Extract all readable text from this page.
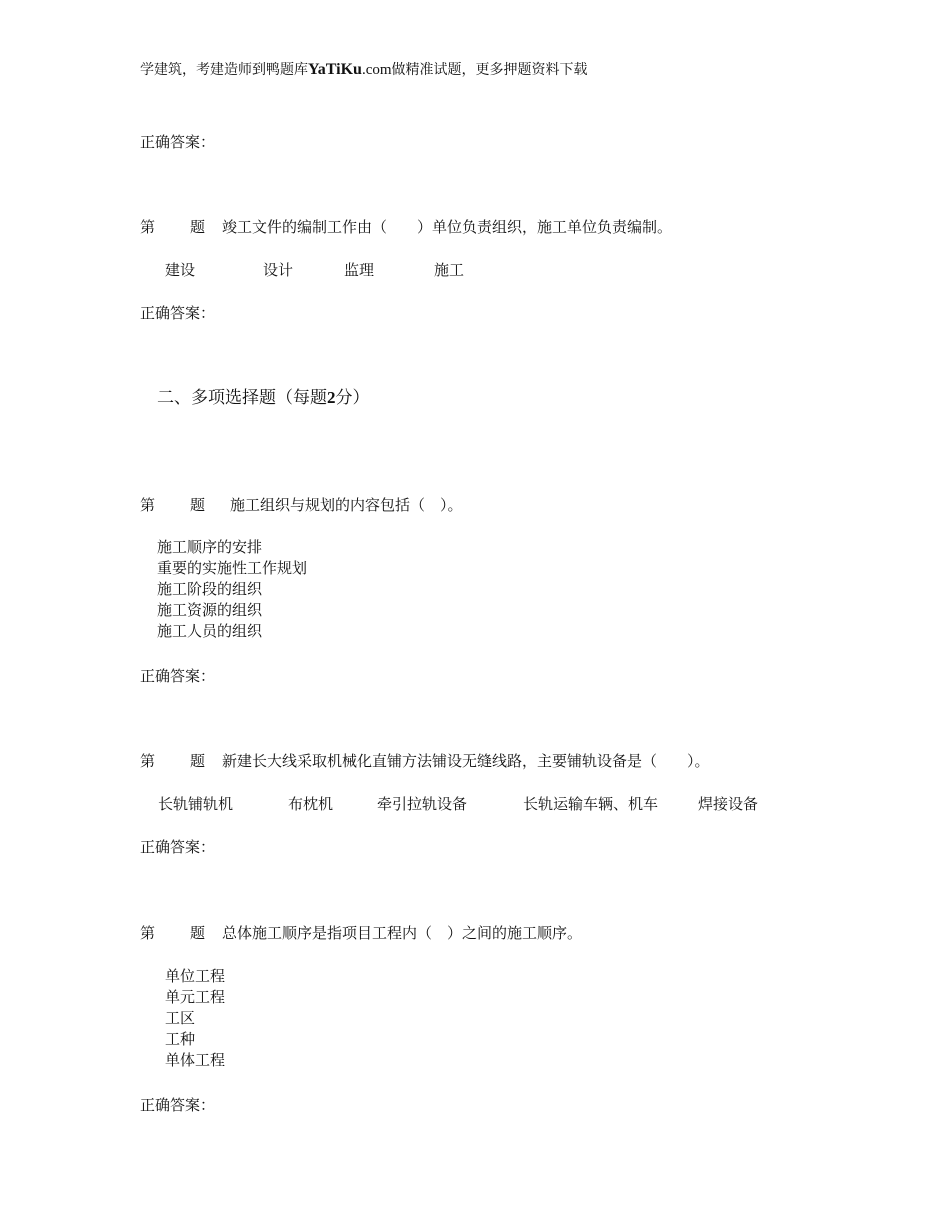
学建筑，考建造师到鸭题库YaTiKu.com做精准试题，更多押题资料下载
正确答案：
第 题 竣工文件的编制工作由（　　）单位负责组织，施工单位负责编制。
建设	设计	监理	施工
正确答案：
二、多项选择题（每题2分）
第 题 施工组织与规划的内容包括（　）。
施工顺序的安排
重要的实施性工作规划
施工阶段的组织
施工资源的组织
施工人员的组织
正确答案：
第 题 新建长大线采取机械化直铺方法铺设无缝线路，主要铺轨设备是（　　）。
长轨铺轨机	布枕机	牵引拉轨设备	长轨运输车辆、机车	焊接设备
正确答案：
第 题 总体施工顺序是指项目工程内（　）之间的施工顺序。
单位工程
单元工程
工区
工种
单体工程
正确答案：
